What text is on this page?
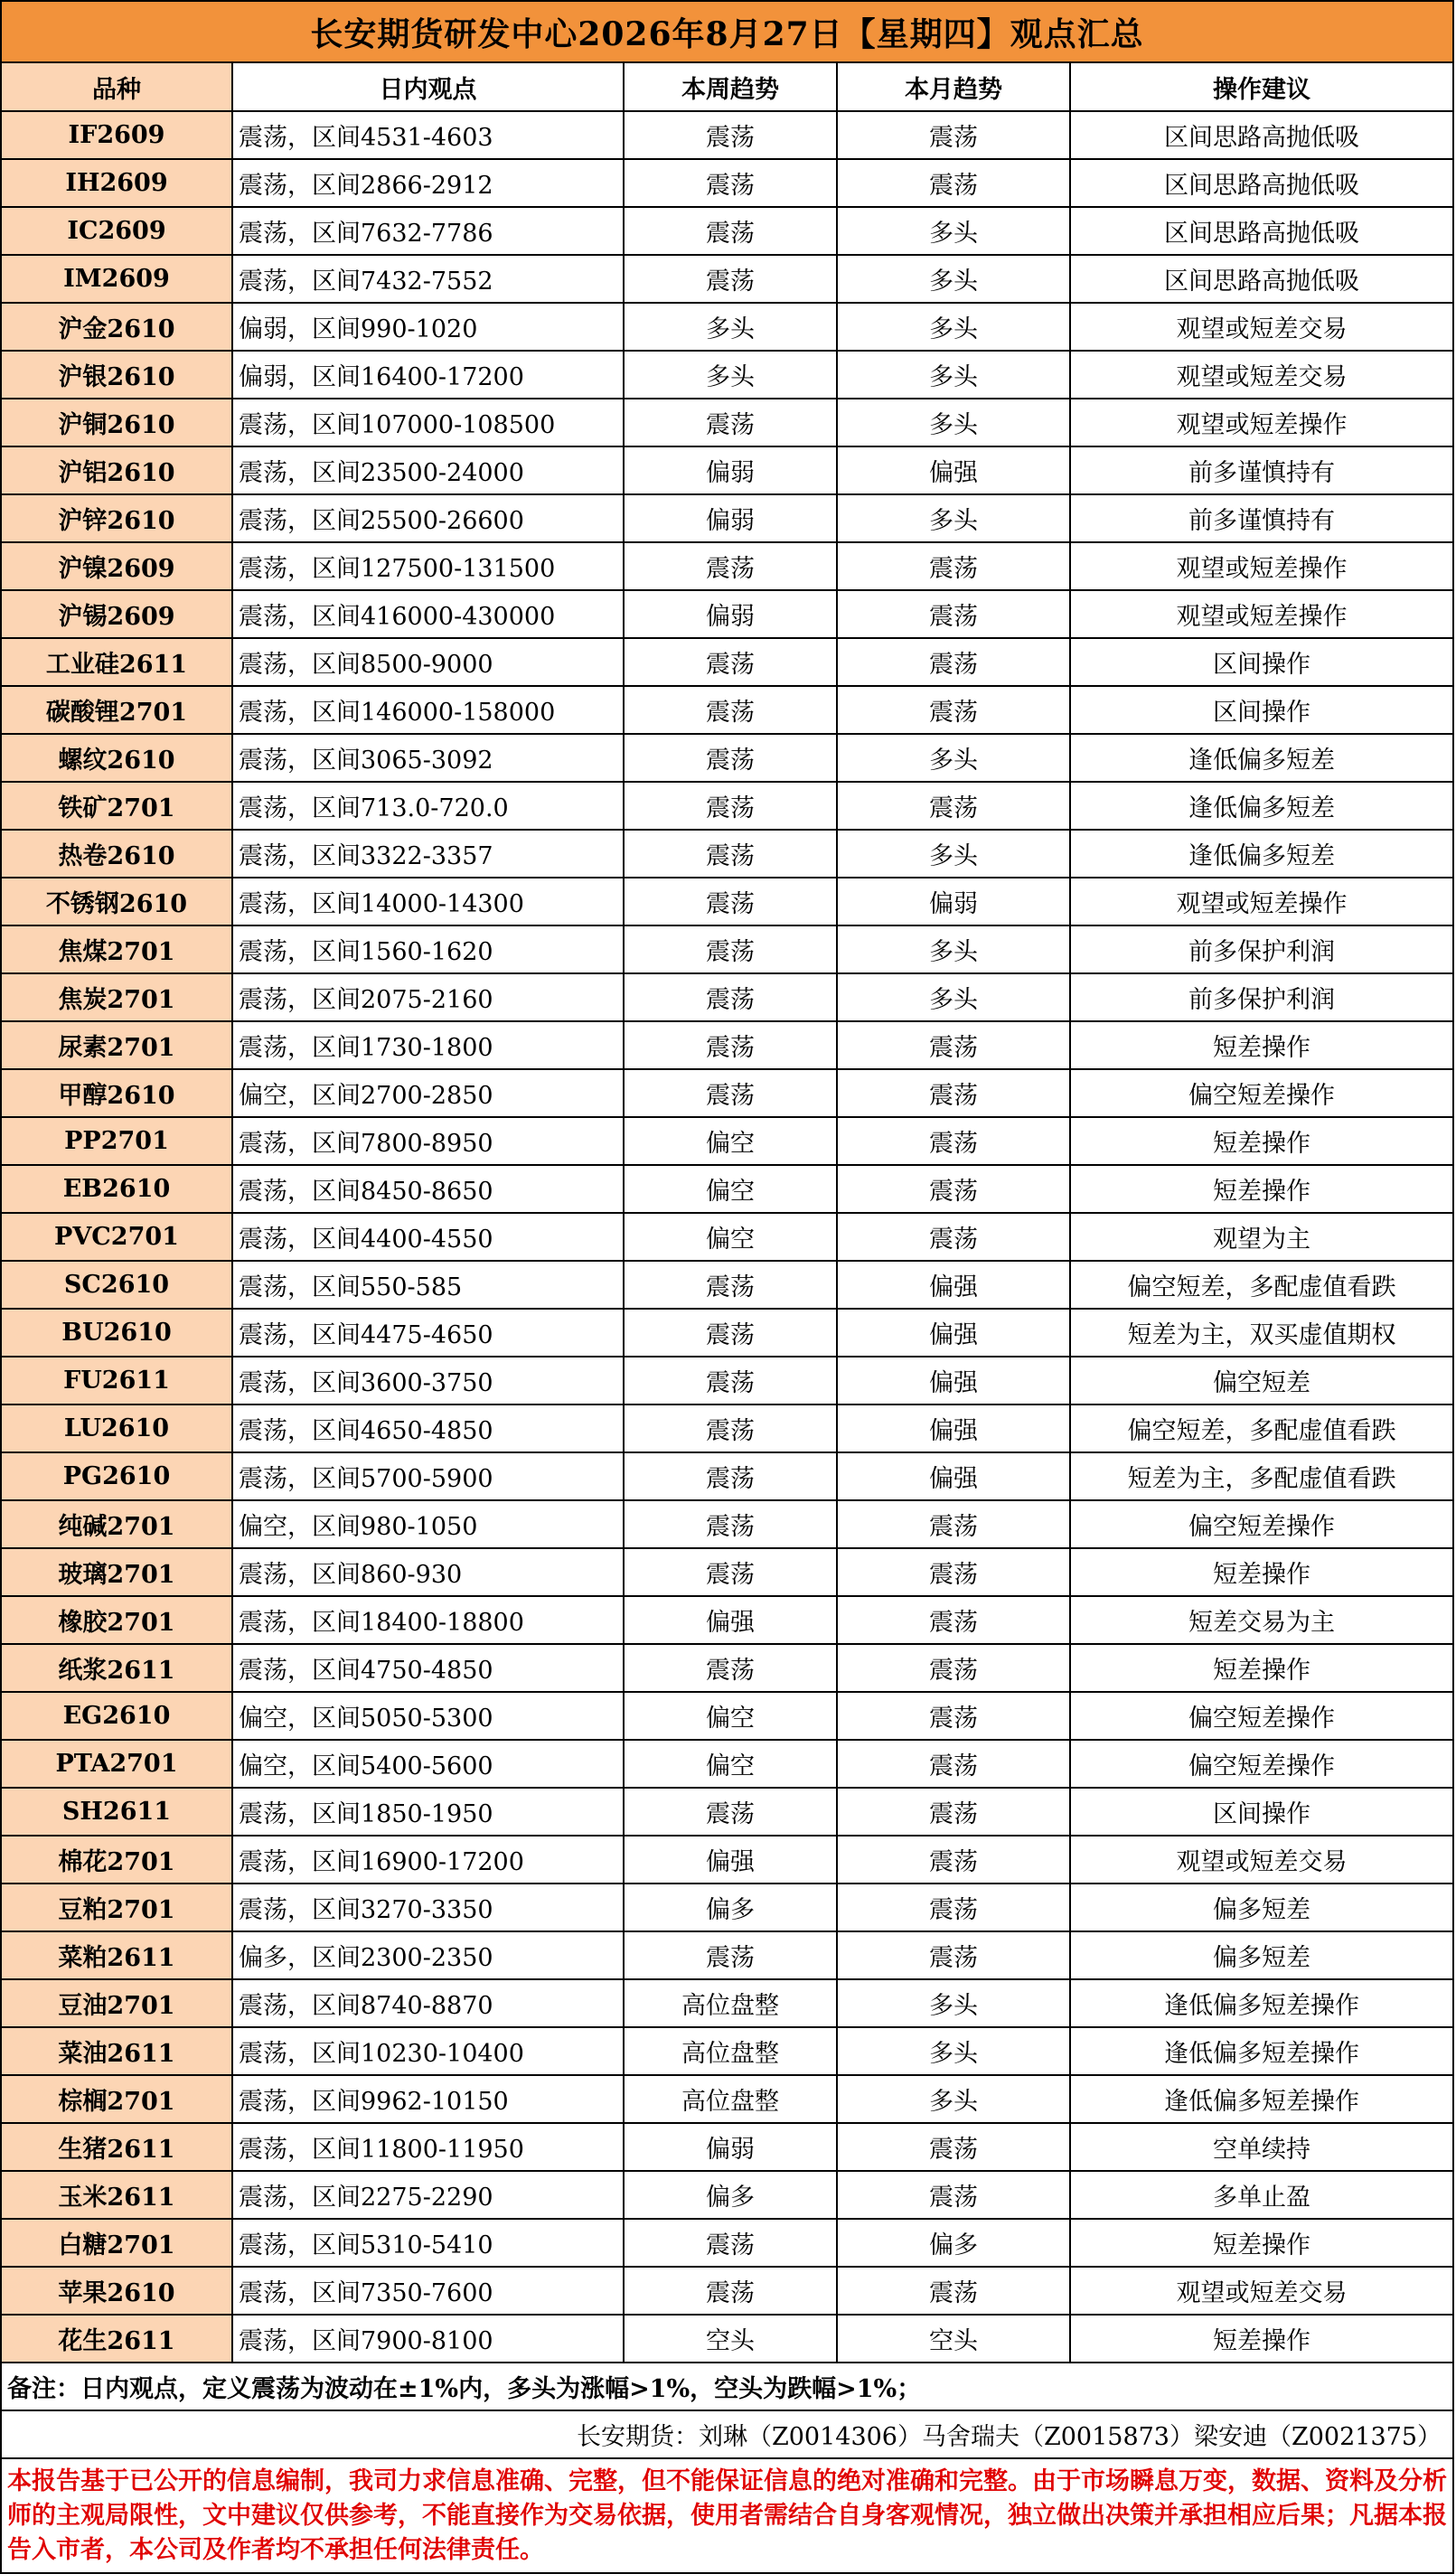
长安期货研发中心2026年8月27日【星期四】观点汇总
品种	日内观点	本周趋势	本月趋势	操作建议
IF2609	震荡，区间4531-4603	震荡	震荡	区间思路高抛低吸
IH2609	震荡，区间2866-2912	震荡	震荡	区间思路高抛低吸
IC2609	震荡，区间7632-7786	震荡	多头	区间思路高抛低吸
IM2609	震荡，区间7432-7552	震荡	多头	区间思路高抛低吸
沪金2610	偏弱，区间990-1020	多头	多头	观望或短差交易
沪银2610	偏弱，区间16400-17200	多头	多头	观望或短差交易
沪铜2610	震荡，区间107000-108500	震荡	多头	观望或短差操作
沪铝2610	震荡，区间23500-24000	偏弱	偏强	前多谨慎持有
沪锌2610	震荡，区间25500-26600	偏弱	多头	前多谨慎持有
沪镍2609	震荡，区间127500-131500	震荡	震荡	观望或短差操作
沪锡2609	震荡，区间416000-430000	偏弱	震荡	观望或短差操作
工业硅2611	震荡，区间8500-9000	震荡	震荡	区间操作
碳酸锂2701	震荡，区间146000-158000	震荡	震荡	区间操作
螺纹2610	震荡，区间3065-3092	震荡	多头	逢低偏多短差
铁矿2701	震荡，区间713.0-720.0	震荡	震荡	逢低偏多短差
热卷2610	震荡，区间3322-3357	震荡	多头	逢低偏多短差
不锈钢2610	震荡，区间14000-14300	震荡	偏弱	观望或短差操作
焦煤2701	震荡，区间1560-1620	震荡	多头	前多保护利润
焦炭2701	震荡，区间2075-2160	震荡	多头	前多保护利润
尿素2701	震荡，区间1730-1800	震荡	震荡	短差操作
甲醇2610	偏空，区间2700-2850	震荡	震荡	偏空短差操作
PP2701	震荡，区间7800-8950	偏空	震荡	短差操作
EB2610	震荡，区间8450-8650	偏空	震荡	短差操作
PVC2701	震荡，区间4400-4550	偏空	震荡	观望为主
SC2610	震荡，区间550-585	震荡	偏强	偏空短差，多配虚值看跌
BU2610	震荡，区间4475-4650	震荡	偏强	短差为主，双买虚值期权
FU2611	震荡，区间3600-3750	震荡	偏强	偏空短差
LU2610	震荡，区间4650-4850	震荡	偏强	偏空短差，多配虚值看跌
PG2610	震荡，区间5700-5900	震荡	偏强	短差为主，多配虚值看跌
纯碱2701	偏空，区间980-1050	震荡	震荡	偏空短差操作
玻璃2701	震荡，区间860-930	震荡	震荡	短差操作
橡胶2701	震荡，区间18400-18800	偏强	震荡	短差交易为主
纸浆2611	震荡，区间4750-4850	震荡	震荡	短差操作
EG2610	偏空，区间5050-5300	偏空	震荡	偏空短差操作
PTA2701	偏空，区间5400-5600	偏空	震荡	偏空短差操作
SH2611	震荡，区间1850-1950	震荡	震荡	区间操作
棉花2701	震荡，区间16900-17200	偏强	震荡	观望或短差交易
豆粕2701	震荡，区间3270-3350	偏多	震荡	偏多短差
菜粕2611	偏多，区间2300-2350	震荡	震荡	偏多短差
豆油2701	震荡，区间8740-8870	高位盘整	多头	逢低偏多短差操作
菜油2611	震荡，区间10230-10400	高位盘整	多头	逢低偏多短差操作
棕榈2701	震荡，区间9962-10150	高位盘整	多头	逢低偏多短差操作
生猪2611	震荡，区间11800-11950	偏弱	震荡	空单续持
玉米2611	震荡，区间2275-2290	偏多	震荡	多单止盈
白糖2701	震荡，区间5310-5410	震荡	偏多	短差操作
苹果2610	震荡，区间7350-7600	震荡	震荡	观望或短差交易
花生2611	震荡，区间7900-8100	空头	空头	短差操作
备注：日内观点，定义震荡为波动在±1%内，多头为涨幅>1%，空头为跌幅>1%；
长安期货：刘琳（Z0014306）马舍瑞夫（Z0015873）梁安迪（Z0021375）
本报告基于已公开的信息编制，我司力求信息准确、完整，但不能保证信息的绝对准确和完整。由于市场瞬息万变，数据、资料及分析师的主观局限性，文中建议仅供参考，不能直接作为交易依据，使用者需结合自身客观情况，独立做出决策并承担相应后果；凡据本报告入市者，本公司及作者均不承担任何法律责任。
